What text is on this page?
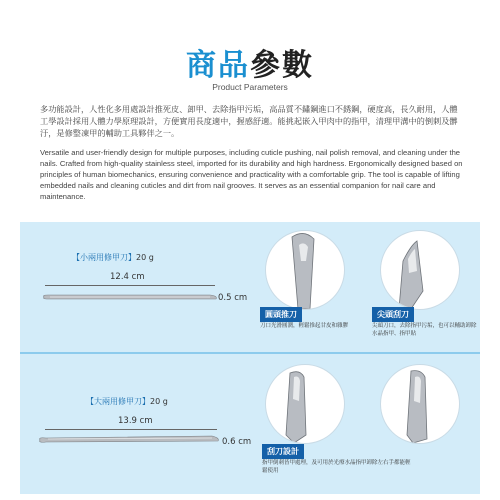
商品參數
Product Parameters
多功能設計，人性化多用處設計推死皮、卸甲、去除指甲污垢，高品質不鏽鋼進口不銹鋼，硬度高，長久耐用，人體工學設計採用人體力學原理設計，方便實用長度適中，握感舒適。能挑起嵌入甲肉中的指甲，清理甲溝中的倒刺及髒汙，是修整凍甲的輔助工具夥伴之一。
Versatile and user-friendly design for multiple purposes, including cuticle pushing, nail polish removal, and cleaning under the nails. Crafted from high-quality stainless steel, imported for its durability and high hardness. Ergonomically designed based on principles of human biomechanics, ensuring convenience and practicality with a comfortable grip. The tool is capable of lifting embedded nails and cleaning cuticles and dirt from nail grooves. It serves as an essential companion for nail care and maintenance.
【小兩用修甲刀】20 g
12.4 cm
0.5 cm
圓頭推刀
刀口光滑圓潤，輕鬆推起甘皮和雜膠
尖頭刮刀
尖頭刀口，去除指甲污垢，也可以輔助卸除水晶指甲、指甲貼
【大兩用修甲刀】20 g
13.9 cm
0.6 cm
刮刀設計
指甲倒刺皆甲處理，及可用於光療水晶指甲卸除左右手都能輕鬆使用
